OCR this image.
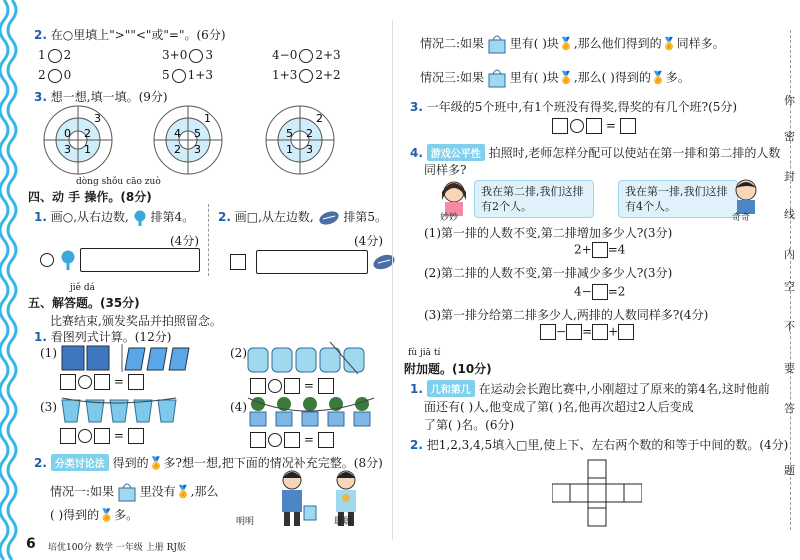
2. 在○里填上">""<"或"="。(6分)
1 2	3+0 3	4−0 2+3
2 0	5 1+3	1+3 2+2
3. 想一想,填一填。(9分)
0 2
3 1
3
4 5
2 3
1
5 2
1 3
2
dòng shǒu cāo zuò
四、动 手 操作。(8分)
1. 画○,从右边数, 排第4。
(4分)

2. 画□,从左边数, 排第5。
(4分)

jiě dá
五、解答题。(35分)
比赛结束,颁发奖品并拍照留念。
1. 看图列式计算。(12分)
(1)
=
(2)
=
(3)
=
(4)
=
2. 分类讨论法 得到的🏅多?想一想,把下面的情况补充完整。(8分)
情况一:如果 里没有🏅,那么
( )得到的🏅多。	明明	聪聪
6 培优100分 数学 一年级 上册 RJ版
情况二:如果 里有( )块🏅,那么他们得到的🏅同样多。
情况三:如果 里有( )块🏅,那么( )得到的🏅多。
3. 一年级的5个班中,有1个班没有得奖,得奖的有几个班?(5分)
=
4. 游戏公平性 拍照时,老师怎样分配可以使站在第一排和第二排的人数
同样多?
我在第二排,我们这排有2个人。
妙妙
我在第一排,我们这排有4个人。
奇奇
(1)第一排的人数不变,第二排增加多少人?(3分)
2+ =4
(2)第二排的人数不变,第一排减少多少人?(3分)
4− =2
(3)第一排分给第二排多少人,两排的人数同样多?(4分)
− = +
fù jiā tí
附加题。(10分)
1. 几和第几 在运动会长跑比赛中,小刚超过了原来的第4名,这时他前
面还有( )人,他变成了第( )名,他再次超过2人后变成
了第( )名。(6分)
2. 把1,2,3,4,5填入□里,使上下、左右两个数的和等于中间的数。(4分)
你
密
封
线
内
空
不
要
答
题
